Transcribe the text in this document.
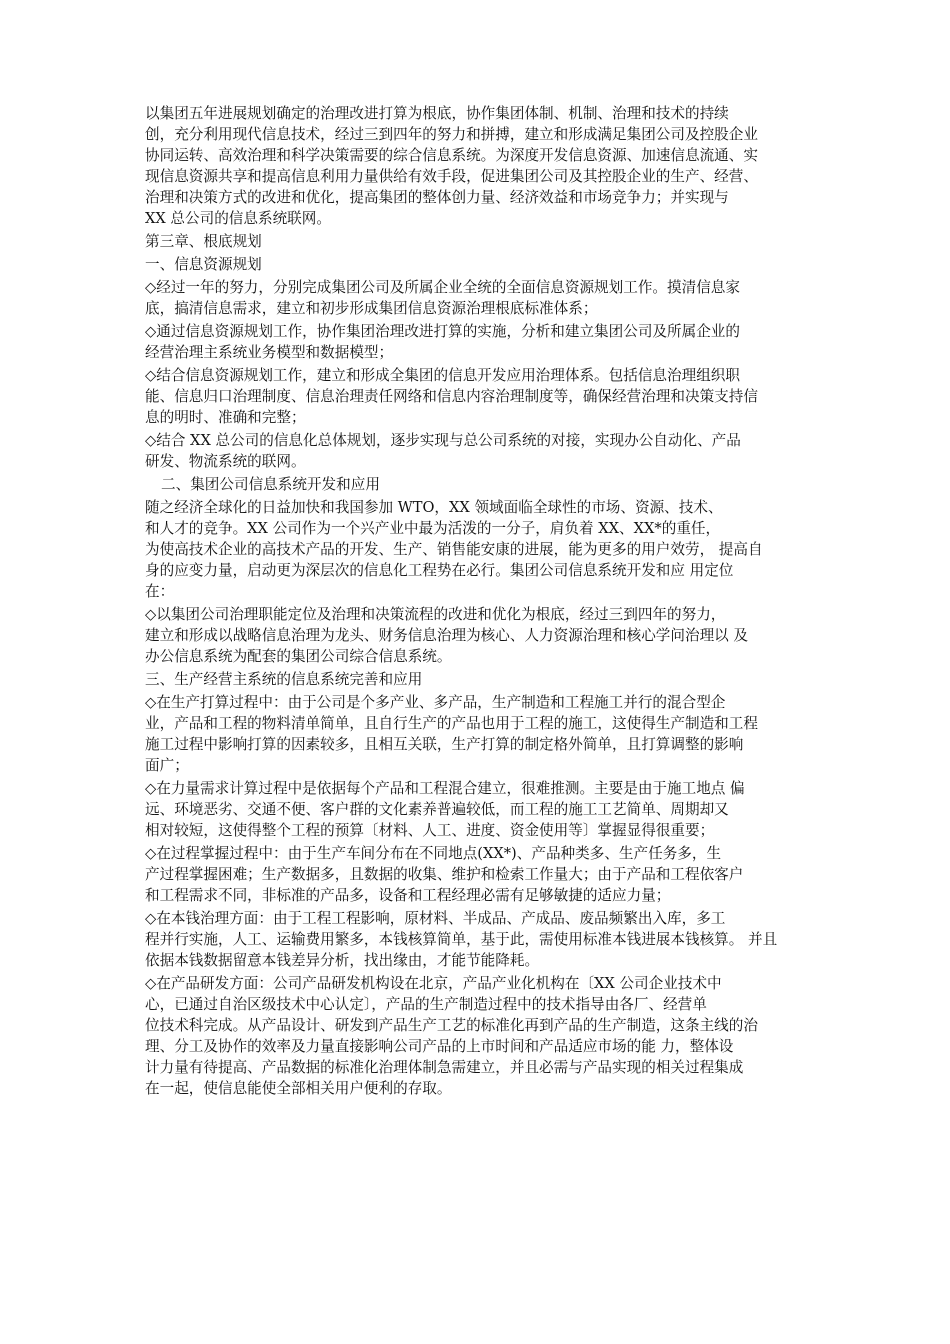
以集团五年进展规划确定的治理改进打算为根底，协作集团体制、机制、治理和技术的持续
创，充分利用现代信息技术，经过三到四年的努力和拼搏，建立和形成满足集团公司及控股企业
协同运转、高效治理和科学决策需要的综合信息系统。为深度开发信息资源、加速信息流通、实
现信息资源共享和提高信息利用力量供给有效手段，促进集团公司及其控股企业的生产、经营、
治理和决策方式的改进和优化，提高集团的整体创力量、经济效益和市场竞争力；并实现与
XX 总公司的信息系统联网。
第三章、根底规划
一、信息资源规划
◇经过一年的努力，分别完成集团公司及所属企业全统的全面信息资源规划工作。摸清信息家
底，搞清信息需求，建立和初步形成集团信息资源治理根底标准体系；
◇通过信息资源规划工作，协作集团治理改进打算的实施，分析和建立集团公司及所属企业的
经营治理主系统业务模型和数据模型；
◇结合信息资源规划工作，建立和形成全集团的信息开发应用治理体系。包括信息治理组织职
能、信息归口治理制度、信息治理责任网络和信息内容治理制度等，确保经营治理和决策支持信
息的明时、准确和完整；
◇结合 XX 总公司的信息化总体规划，逐步实现与总公司系统的对接，实现办公自动化、产品
研发、物流系统的联网。
二、集团公司信息系统开发和应用
随之经济全球化的日益加快和我国参加 WTO，XX 领域面临全球性的市场、资源、技术、
和人才的竞争。XX 公司作为一个兴产业中最为活泼的一分子，肩负着 XX、XX*的重任，
为使高技术企业的高技术产品的开发、生产、销售能安康的进展，能为更多的用户效劳， 提高自
身的应变力量，启动更为深层次的信息化工程势在必行。集团公司信息系统开发和应 用定位
在：
◇以集团公司治理职能定位及治理和决策流程的改进和优化为根底，经过三到四年的努力，
建立和形成以战略信息治理为龙头、财务信息治理为核心、人力资源治理和核心学问治理以 及
办公信息系统为配套的集团公司综合信息系统。
三、生产经营主系统的信息系统完善和应用
◇在生产打算过程中：由于公司是个多产业、多产品，生产制造和工程施工并行的混合型企
业，产品和工程的物料清单简单，且自行生产的产品也用于工程的施工，这使得生产制造和工程
施工过程中影响打算的因素较多，且相互关联，生产打算的制定格外简单，且打算调整的影响
面广；
◇在力量需求计算过程中是依据每个产品和工程混合建立，很难推测。主要是由于施工地点 偏
远、环境恶劣、交通不便、客户群的文化素养普遍较低，而工程的施工工艺简单、周期却又
相对较短，这使得整个工程的预算〔材料、人工、进度、资金使用等〕掌握显得很重要；
◇在过程掌握过程中：由于生产车间分布在不同地点(XX*)、产品种类多、生产任务多，生
产过程掌握困难；生产数据多，且数据的收集、维护和检索工作量大；由于产品和工程依客户
和工程需求不同，非标准的产品多，设备和工程经理必需有足够敏捷的适应力量；
◇在本钱治理方面：由于工程工程影响，原材料、半成品、产成品、废品频繁出入库，多工
程并行实施，人工、运输费用繁多，本钱核算简单，基于此，需使用标准本钱进展本钱核算。 并且
依据本钱数据留意本钱差异分析，找出缘由，才能节能降耗。
◇在产品研发方面：公司产品研发机构设在北京，产品产业化机构在〔XX 公司企业技术中
心，已通过自治区级技术中心认定〕，产品的生产制造过程中的技术指导由各厂、经营单
位技术科完成。从产品设计、研发到产品生产工艺的标准化再到产品的生产制造，这条主线的治
理、分工及协作的效率及力量直接影响公司产品的上市时间和产品适应市场的能 力，整体设
计力量有待提高、产品数据的标准化治理体制急需建立，并且必需与产品实现的相关过程集成
在一起，使信息能使全部相关用户便利的存取。
